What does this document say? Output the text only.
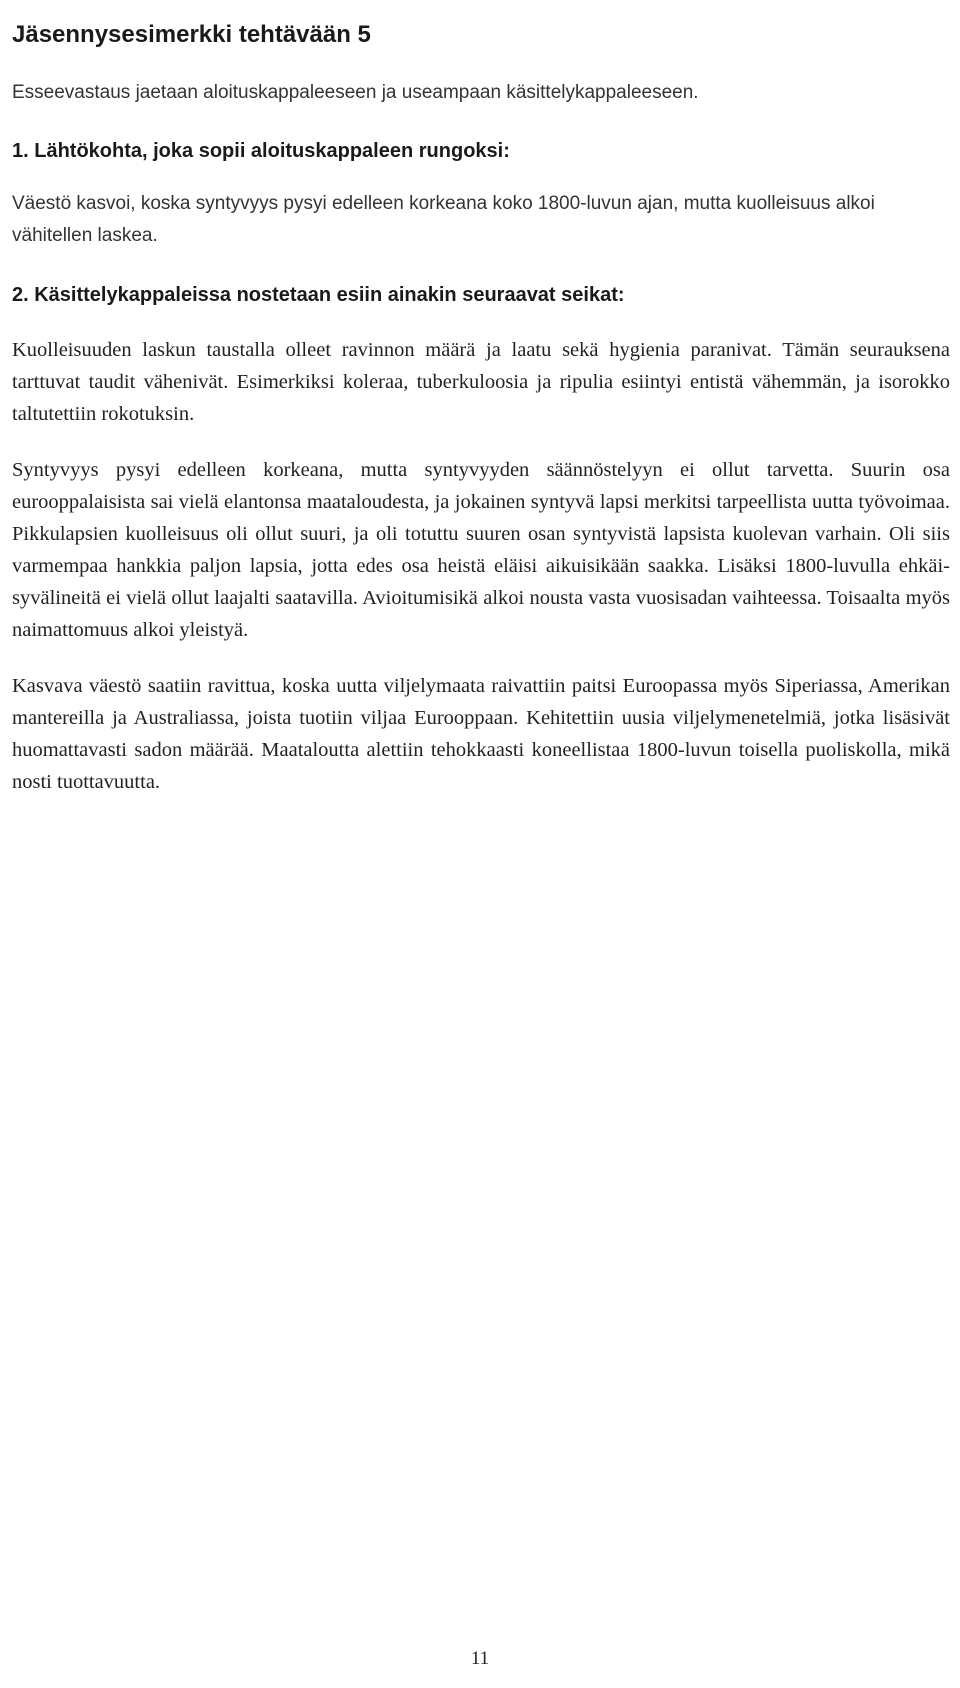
Jäsennysesimerkki tehtävään 5

Esseevastaus jaetaan aloituskappaleeseen ja useampaan käsittelykappaleeseen.

1. Lähtökohta, joka sopii aloituskappaleen rungoksi:

Väestö kasvoi, koska syntyvyys pysyi edelleen korkeana koko 1800-luvun ajan, mutta kuolleisuus alkoi vähitellen laskea.

2. Käsittelykappaleissa nostetaan esiin ainakin seuraavat seikat:

Kuolleisuuden laskun taustalla olleet ravinnon määrä ja laatu sekä hygienia paranivat. Tämän seurauksena tarttuvat taudit vähenivät. Esimerkiksi koleraa, tuberkuloosia ja ripulia esiintyi entistä vähemmän, ja isorokko taltutettiin rokotuksin.

Syntyvyys pysyi edelleen korkeana, mutta syntyvyyden säännöstelyyn ei ollut tarvetta. Suurin osa eurooppalaisista sai vielä elantonsa maataloudesta, ja jokainen syntyvä lapsi merkitsi tarpeellista uutta työvoimaa. Pikkulapsien kuolleisuus oli ollut suuri, ja oli totuttu suuren osan syntyvistä lapsista kuolevan varhain. Oli siis varmempaa hankkia paljon lapsia, jotta edes osa heistä eläisi aikuisikään saakka. Lisäksi 1800-luvulla ehkäisyvälineitä ei vielä ollut laajalti saatavilla. Avioitumisikä alkoi nousta vasta vuosisadan vaihteessa. Toisaalta myös naimattomuus alkoi yleistyä.

Kasvava väestö saatiin ravittua, koska uutta viljelymaata raivattiin paitsi Euroopassa myös Siperiassa, Amerikan mantereilla ja Australiassa, joista tuotiin viljaa Eurooppaan. Kehitettiin uusia viljelymenetelmiä, jotka lisäsivät huomattavasti sadon määrää. Maataloutta alettiin tehokkaasti koneellistaa 1800-luvun toisella puoliskolla, mikä nosti tuottavuutta.

11
